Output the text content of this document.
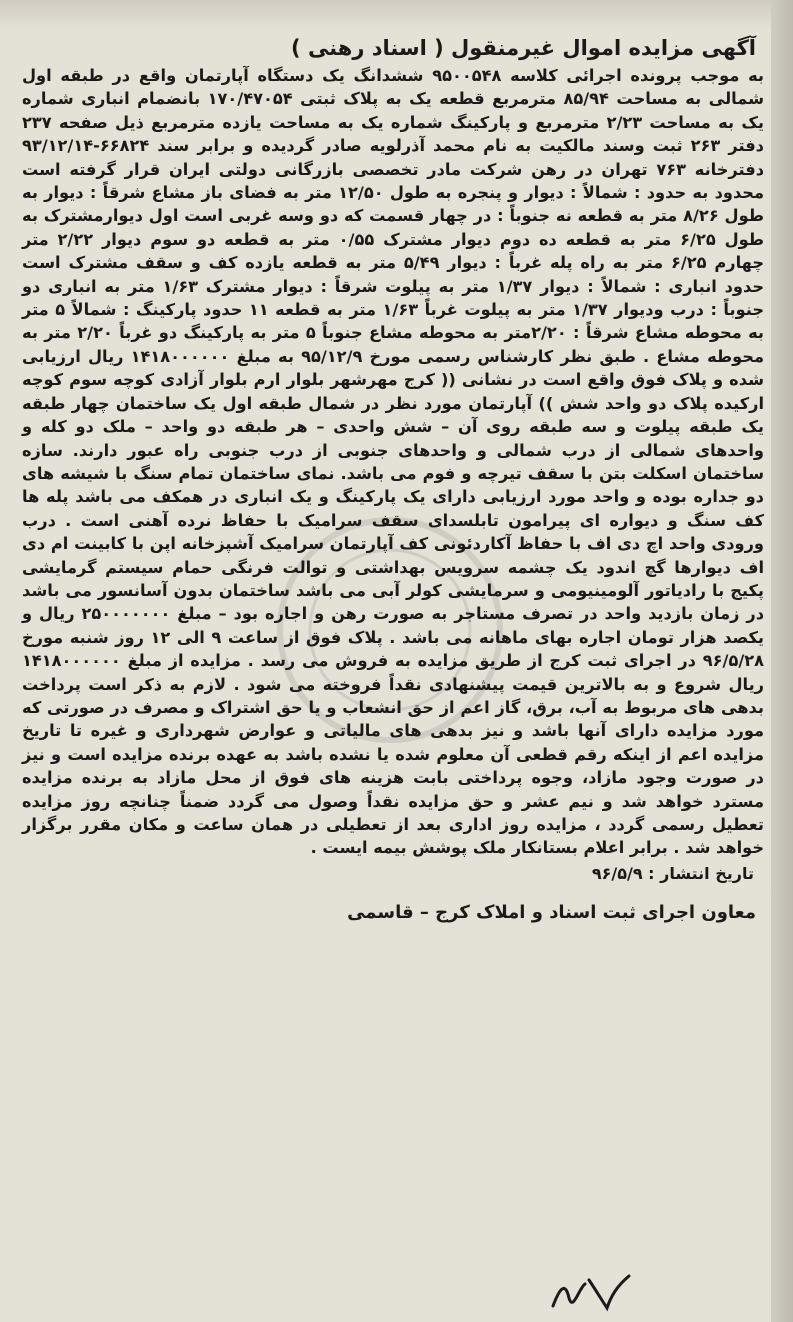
آگهی مزایده اموال غیرمنقول ( اسناد رهنی )

به موجب پرونده اجرائی کلاسه ۹۵۰۰۵۴۸ ششدانگ یک دستگاه آپارتمان واقع در طبقه اول شمالی به مساحت ۸۵/۹۴ مترمربع قطعه یک به پلاک ثبتی ۱۷۰/۴۷۰۵۴ بانضمام انباری شماره یک به مساحت ۲/۲۳ مترمربع و پارکینگ شماره یک به مساحت یازده مترمربع ذیل صفحه ۲۳۷ دفتر ۲۶۳ ثبت وسند مالکیت به نام محمد آذرلویه صادر گردیده و برابر سند ۶۶۸۲۴-۹۳/۱۲/۱۴ دفترخانه ۷۶۳ تهران در رهن شرکت مادر تخصصی بازرگانی دولتی ایران قرار گرفته است محدود به حدود : شمالاً : دیوار و پنجره به طول ۱۲/۵۰ متر به فضای باز مشاع شرقاً : دیوار به طول ۸/۲۶ متر به قطعه نه جنوباً : در چهار قسمت که دو وسه غربی است اول دیوارمشترک به طول ۶/۲۵ متر به قطعه ده دوم دیوار مشترک ۰/۵۵ متر به قطعه دو سوم دیوار ۲/۲۲ متر چهارم ۶/۲۵ متر به راه پله غرباً : دیوار ۵/۴۹ متر به قطعه یازده کف و سقف مشترک است حدود انباری : شمالاً : دیوار ۱/۳۷ متر به پیلوت شرقاً : دیوار مشترک ۱/۶۳ متر به انباری دو جنوباً : درب ودیوار ۱/۳۷ متر به پیلوت غرباً ۱/۶۳ متر به قطعه ۱۱ حدود پارکینگ : شمالاً ۵ متر به محوطه مشاع شرقاً : ۲/۲۰متر به محوطه مشاع جنوباً ۵ متر به پارکینگ دو غرباً ۲/۲۰ متر به محوطه مشاع . طبق نظر کارشناس رسمی مورخ ۹۵/۱۲/۹ به مبلغ ۱۴۱۸۰۰۰۰۰۰ ریال ارزیابی شده و پلاک فوق واقع است در نشانی (( کرج مهرشهر بلوار ارم بلوار آزادی کوچه سوم کوچه ارکیده پلاک دو واحد شش )) آپارتمان مورد نظر در شمال طبقه اول یک ساختمان چهار طبقه یک طبقه پیلوت و سه طبقه روی آن – شش واحدی – هر طبقه دو واحد – ملک دو کله و واحدهای شمالی از درب شمالی و واحدهای جنوبی از درب جنوبی راه عبور دارند. سازه ساختمان اسکلت بتن با سقف تیرچه و فوم می باشد. نمای ساختمان تمام سنگ با شیشه های دو جداره بوده و واحد مورد ارزیابی دارای یک پارکینگ و یک انباری در همکف می باشد پله ها کف سنگ و دیواره ای پیرامون تابلسدای سقف سرامیک با حفاظ نرده آهنی است . درب ورودی واحد اچ دی اف با حفاظ آکاردئونی کف آپارتمان سرامیک آشپزخانه اپن با کابینت ام دی اف دیوارها گچ اندود یک چشمه سرویس بهداشتی و توالت فرنگی حمام سیستم گرمایشی پکیج با رادیاتور آلومینیومی و سرمایشی کولر آبی می باشد ساختمان بدون آسانسور می باشد در زمان بازدید واحد در تصرف مستاجر به صورت رهن و اجاره بود – مبلغ ۲۵۰۰۰۰۰۰۰ ریال و یکصد هزار تومان اجاره بهای ماهانه می باشد . پلاک فوق از ساعت ۹ الی ۱۲ روز شنبه مورخ ۹۶/۵/۲۸ در اجرای ثبت کرج از طریق مزایده به فروش می رسد . مزایده از مبلغ ۱۴۱۸۰۰۰۰۰۰ ریال شروع و به بالاترین قیمت پیشنهادی نقداً فروخته می شود . لازم به ذکر است پرداخت بدهی های مربوط به آب، برق، گاز اعم از حق انشعاب و یا حق اشتراک و مصرف در صورتی که مورد مزایده دارای آنها باشد و نیز بدهی های مالیاتی و عوارض شهرداری و غیره تا تاریخ مزایده اعم از اینکه رقم قطعی آن معلوم شده یا نشده باشد به عهده برنده مزایده است و نیز در صورت وجود مازاد، وجوه پرداختی بابت هزینه های فوق از محل مازاد به برنده مزایده مسترد خواهد شد و نیم عشر و حق مزایده نقداً وصول می گردد ضمناً چنانچه روز مزایده تعطیل رسمی گردد ، مزایده روز اداری بعد از تعطیلی در همان ساعت و مکان مقرر برگزار خواهد شد . برابر اعلام بستانکار ملک پوشش بیمه ایست .

تاریخ انتشار : ۹۶/۵/۹

معاون اجرای ثبت اسناد و املاک کرج – قاسمی
